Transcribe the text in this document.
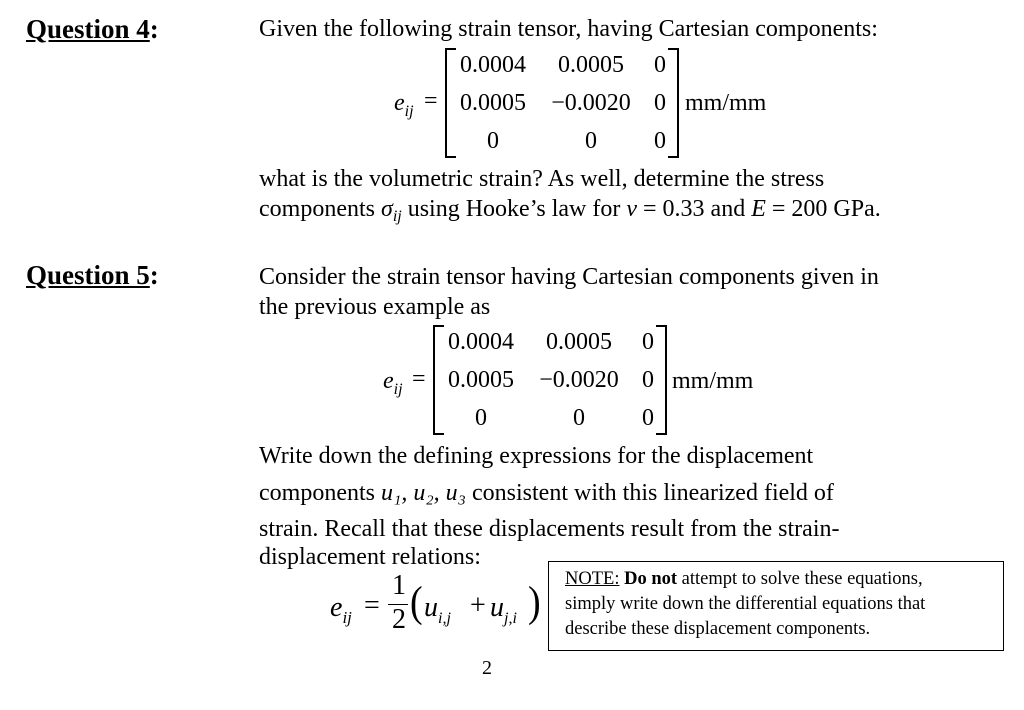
Question 4:	Given the following strain tensor, having Cartesian components:
$e_{ij}$ =
0.0004	0.0005	0
0.0005	−0.0020 0
0	0	0
mm/mm
what is the volumetric strain? As well, determine the stress
components $\sigma_{ij}$ using Hooke’s law for v = 0.33 and E = 200 GPa.
Question 5:	Consider the strain tensor having Cartesian components given in
the previous example as
$e_{ij}$ =
0.0004	0.0005	0
0.0005	−0.0020 0
0	0	0
mm/mm
Write down the defining expressions for the displacement
components u₁, u₂, u₃ consistent with this linearized field of
strain. Recall that these displacements result from the strain-
displacement relations:
$e_{ij}$ =
1
2 ( $u_{i,j} + u_{j,i}$ ) NOTE: Do not attempt to solve these equations,
simply write down the differential equations that
describe these displacement components.
2
